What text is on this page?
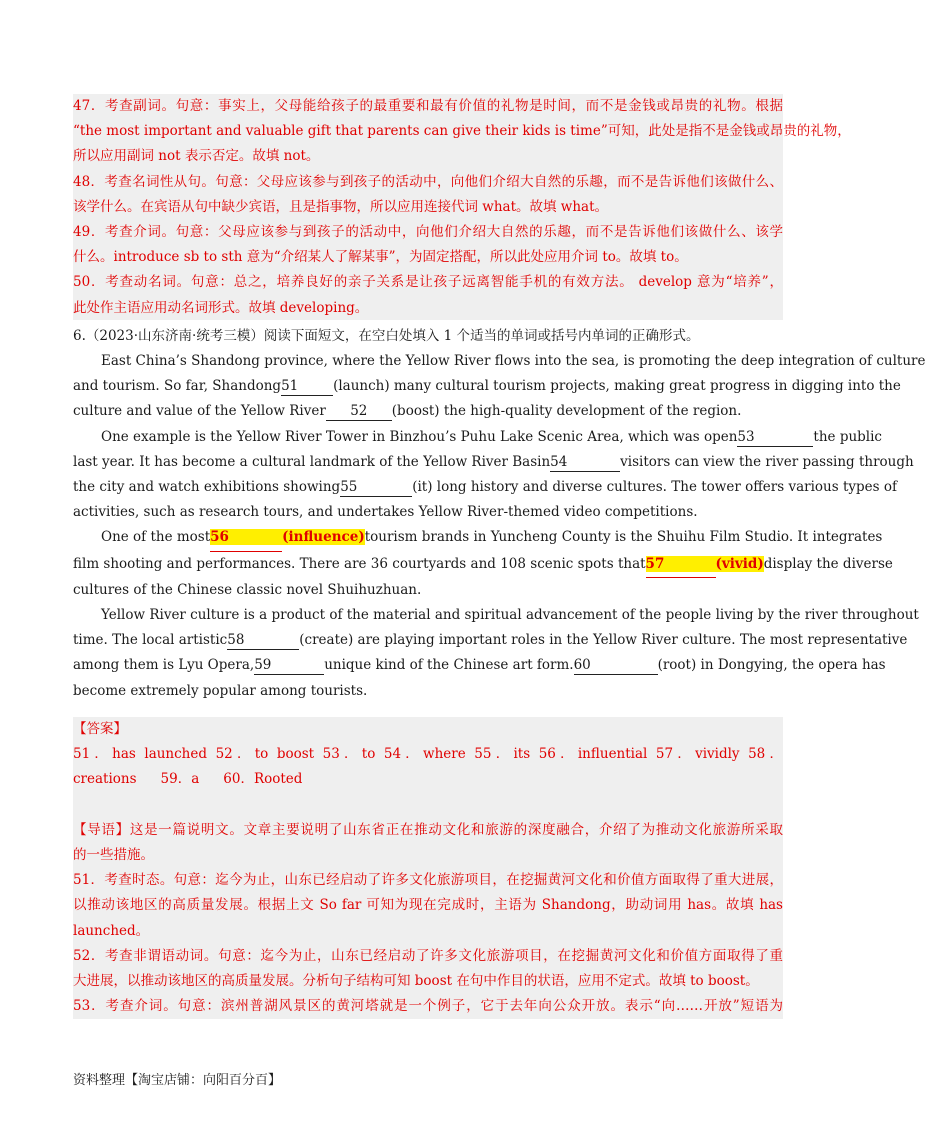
47．考查副词。句意：事实上，父母能给孩子的最重要和最有价值的礼物是时间，而不是金钱或昂贵的礼物。根据
“the most important and valuable gift that parents can give their kids is time”可知，此处是指不是金钱或昂贵的礼物，
所以应用副词 not 表示否定。故填 not。
48．考查名词性从句。句意：父母应该参与到孩子的活动中，向他们介绍大自然的乐趣，而不是告诉他们该做什么、
该学什么。在宾语从句中缺少宾语，且是指事物，所以应用连接代词 what。故填 what。
49．考查介词。句意：父母应该参与到孩子的活动中，向他们介绍大自然的乐趣，而不是告诉他们该做什么、该学
什么。introduce sb to sth 意为“介绍某人了解某事”，为固定搭配，所以此处应用介词 to。故填 to。
50．考查动名词。句意：总之，培养良好的亲子关系是让孩子远离智能手机的有效方法。 develop 意为“培养”，
此处作主语应用动名词形式。故填 developing。
6.（2023·山东济南·统考三模）阅读下面短文，在空白处填入 1 个适当的单词或括号内单词的正确形式。
East China’s Shandong province, where the Yellow River flows into the sea, is promoting the deep integration of culture
and tourism. So far, Shandong51	(launch) many cultural tourism projects, making great progress in digging into the
culture and value of the Yellow River 52 (boost) the high-quality development of the region.
One example is the Yellow River Tower in Binzhou’s Puhu Lake Scenic Area, which was open53	the public
last year. It has become a cultural landmark of the Yellow River Basin54	visitors can view the river passing through
the city and watch exhibitions showing55	(it) long history and diverse cultures. The tower offers various types of
activities, such as research tours, and undertakes Yellow River-themed video competitions.
One of the most56	(influence)tourism brands in Yuncheng County is the Shuihu Film Studio. It integrates
film shooting and performances. There are 36 courtyards and 108 scenic spots that57	(vivid)display the diverse
cultures of the Chinese classic novel Shuihuzhuan.
Yellow River culture is a product of the material and spiritual advancement of the people living by the river throughout
time. The local artistic58	(create) are playing important roles in the Yellow River culture. The most representative
among them is Lyu Opera,59	unique kind of the Chinese art form.60	(root) in Dongying, the opera has
become extremely popular among tourists.
【答案】
51．has launched 52．to boost 53．to 54．where 55．its 56．influential 57．vividly 58．
creations 59．a 60．Rooted

【导语】这是一篇说明文。文章主要说明了山东省正在推动文化和旅游的深度融合，介绍了为推动文化旅游所采取
的一些措施。
51．考查时态。句意：迄今为止，山东已经启动了许多文化旅游项目，在挖掘黄河文化和价值方面取得了重大进展，
以推动该地区的高质量发展。根据上文 So far 可知为现在完成时，主语为 Shandong，助动词用 has。故填 has
launched。
52．考查非谓语动词。句意：迄今为止，山东已经启动了许多文化旅游项目，在挖掘黄河文化和价值方面取得了重
大进展，以推动该地区的高质量发展。分析句子结构可知 boost 在句中作目的状语，应用不定式。故填 to boost。
53．考查介词。句意：滨州普湖风景区的黄河塔就是一个例子，它于去年向公众开放。表示“向……开放”短语为
资料整理【淘宝店铺：向阳百分百】
